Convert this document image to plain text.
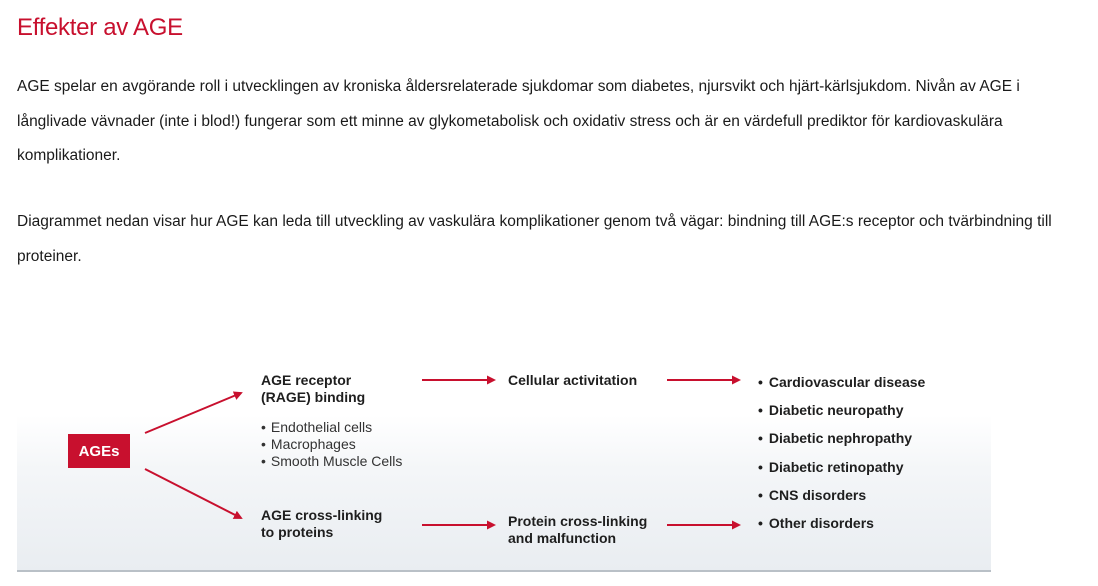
Effekter av AGE

AGE spelar en avgörande roll i utvecklingen av kroniska åldersrelaterade sjukdomar som diabetes, njursvikt och hjärt-kärlsjukdom. Nivån av AGE i långlivade vävnader (inte i blod!) fungerar som ett minne av glykometabolisk och oxidativ stress och är en värdefull prediktor för kardiovaskulära komplikationer.

Diagrammet nedan visar hur AGE kan leda till utveckling av vaskulära komplikationer genom två vägar: bindning till AGE:s receptor och tvärbindning till proteiner.

AGEs
AGE receptor
(RAGE) binding
• Endothelial cells
• Macrophages
• Smooth Muscle Cells
Cellular activitation
AGE cross-linking
to proteins
Protein cross-linking
and malfunction
• Cardiovascular disease
• Diabetic neuropathy
• Diabetic nephropathy
• Diabetic retinopathy
• CNS disorders
• Other disorders
